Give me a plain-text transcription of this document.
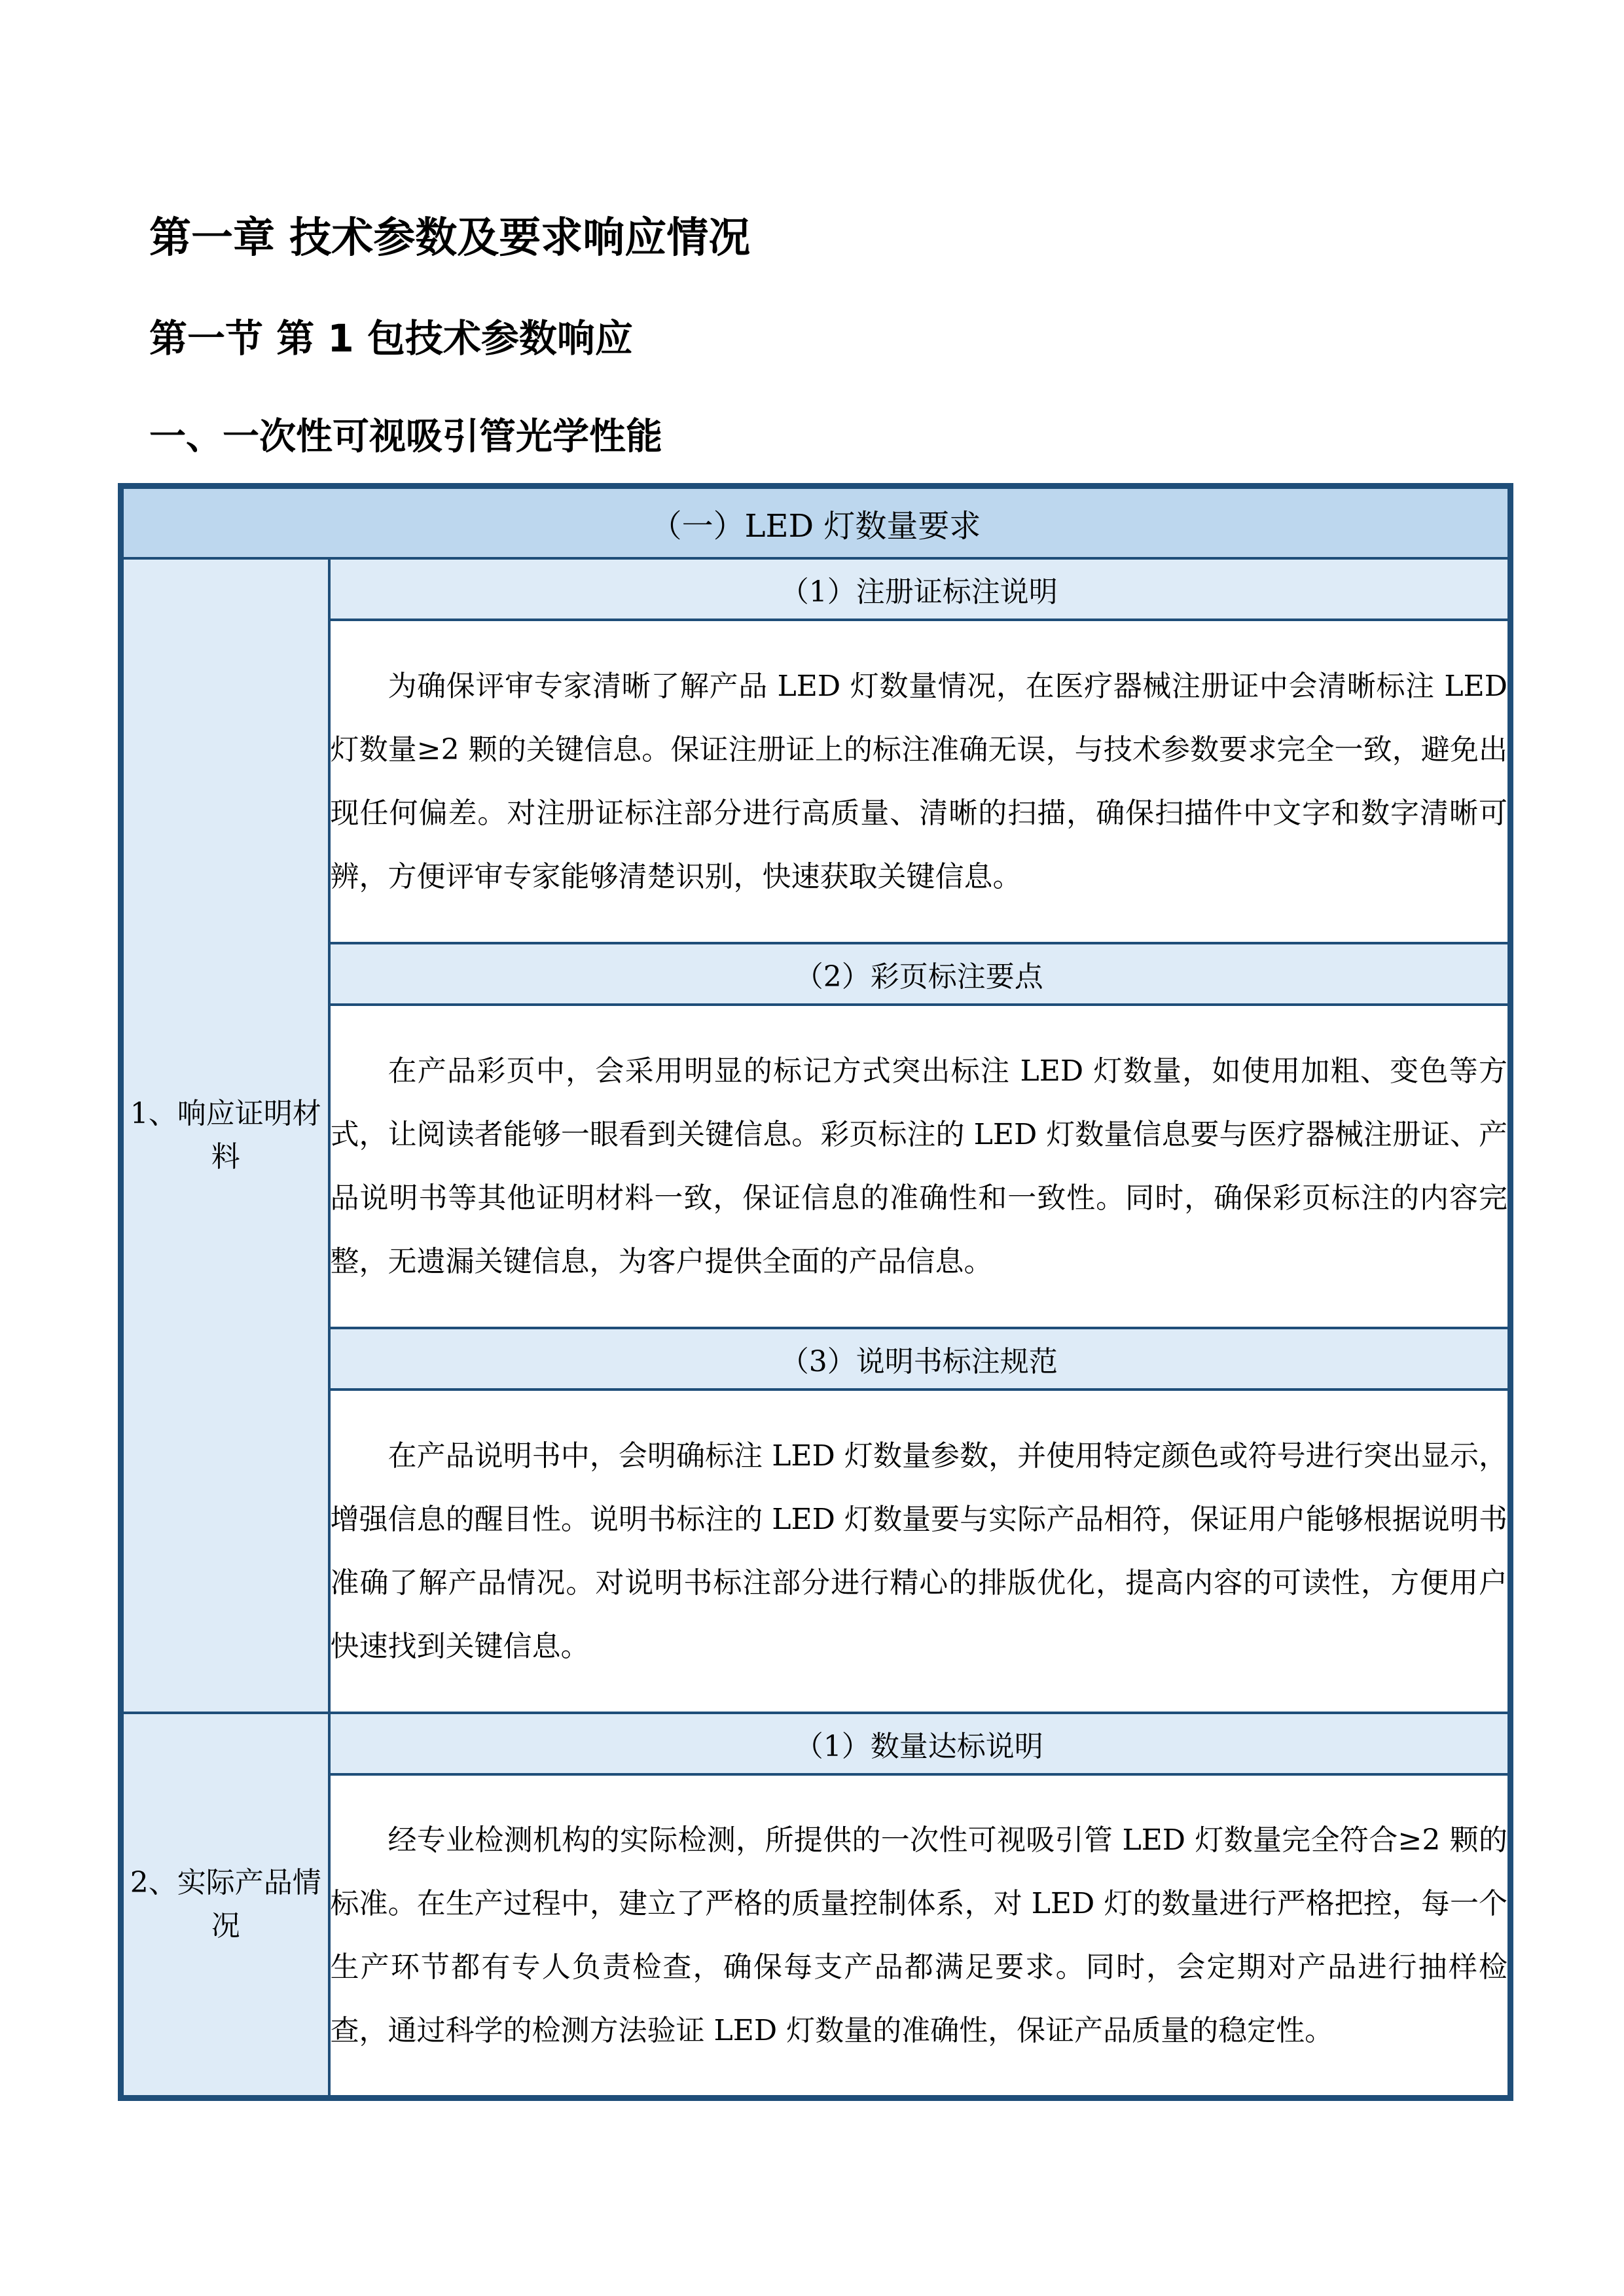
第一章 技术参数及要求响应情况
第一节 第 1 包技术参数响应
一、一次性可视吸引管光学性能
（一）LED 灯数量要求	
1、响应证明材料	（1）注册证标注说明
	为确保评审专家清晰了解产品 LED 灯数量情况，在医疗器械注册证中会清晰标注 LED 灯数量≥2 颗的关键信息。保证注册证上的标注准确无误，与技术参数要求完全一致，避免出现任何偏差。对注册证标注部分进行高质量、清晰的扫描，确保扫描件中文字和数字清晰可辨，方便评审专家能够清楚识别，快速获取关键信息。
	（2）彩页标注要点
	在产品彩页中，会采用明显的标记方式突出标注 LED 灯数量，如使用加粗、变色等方式，让阅读者能够一眼看到关键信息。彩页标注的 LED 灯数量信息要与医疗器械注册证、产品说明书等其他证明材料一致，保证信息的准确性和一致性。同时，确保彩页标注的内容完整，无遗漏关键信息，为客户提供全面的产品信息。
	（3）说明书标注规范
	在产品说明书中，会明确标注 LED 灯数量参数，并使用特定颜色或符号进行突出显示，增强信息的醒目性。说明书标注的 LED 灯数量要与实际产品相符，保证用户能够根据说明书准确了解产品情况。对说明书标注部分进行精心的排版优化，提高内容的可读性，方便用户快速找到关键信息。
2、实际产品情况	（1）数量达标说明
	经专业检测机构的实际检测，所提供的一次性可视吸引管 LED 灯数量完全符合≥2 颗的标准。在生产过程中，建立了严格的质量控制体系，对 LED 灯的数量进行严格把控，每一个生产环节都有专人负责检查，确保每支产品都满足要求。同时，会定期对产品进行抽样检查，通过科学的检测方法验证 LED 灯数量的准确性，保证产品质量的稳定性。
